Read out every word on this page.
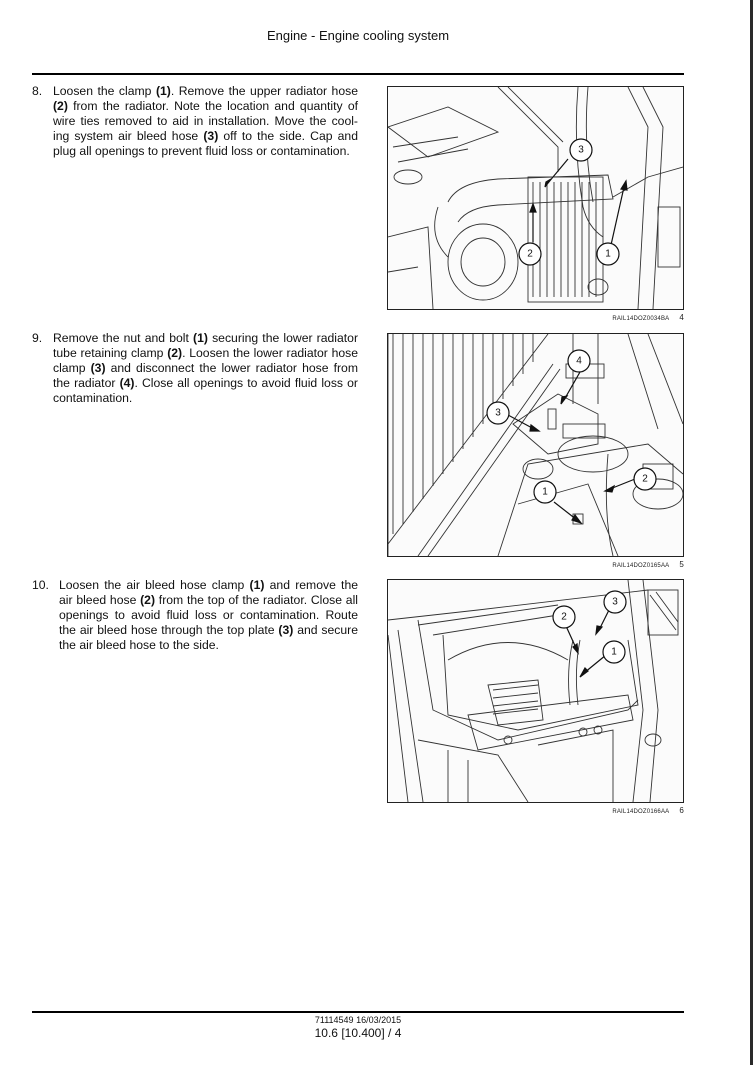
Engine - Engine cooling system
8. Loosen the clamp (1). Remove the upper radiator hose (2) from the radiator. Note the location and quantity of wire ties removed to aid in installation. Move the cool-ing system air bleed hose (3) off to the side. Cap and plug all openings to prevent fluid loss or contamination.	3
2	1
RAIL14DOZ0034BA 4
9. Remove the nut and bolt (1) securing the lower radiator tube retaining clamp (2). Loosen the lower radiator hose clamp (3) and disconnect the lower radiator hose from the radiator (4). Close all openings to avoid fluid loss or contamination.
4
3
2
1
RAIL14DOZ0165AA 5
10. Loosen the air bleed hose clamp (1) and remove the air bleed hose (2) from the top of the radiator. Close all openings to avoid fluid loss or contamination. Route the air bleed hose through the top plate (3) and secure the air bleed hose to the side.
2
3
1
RAIL14DOZ0166AA 6
71114549 16/03/2015
10.6 [10.400] / 4
